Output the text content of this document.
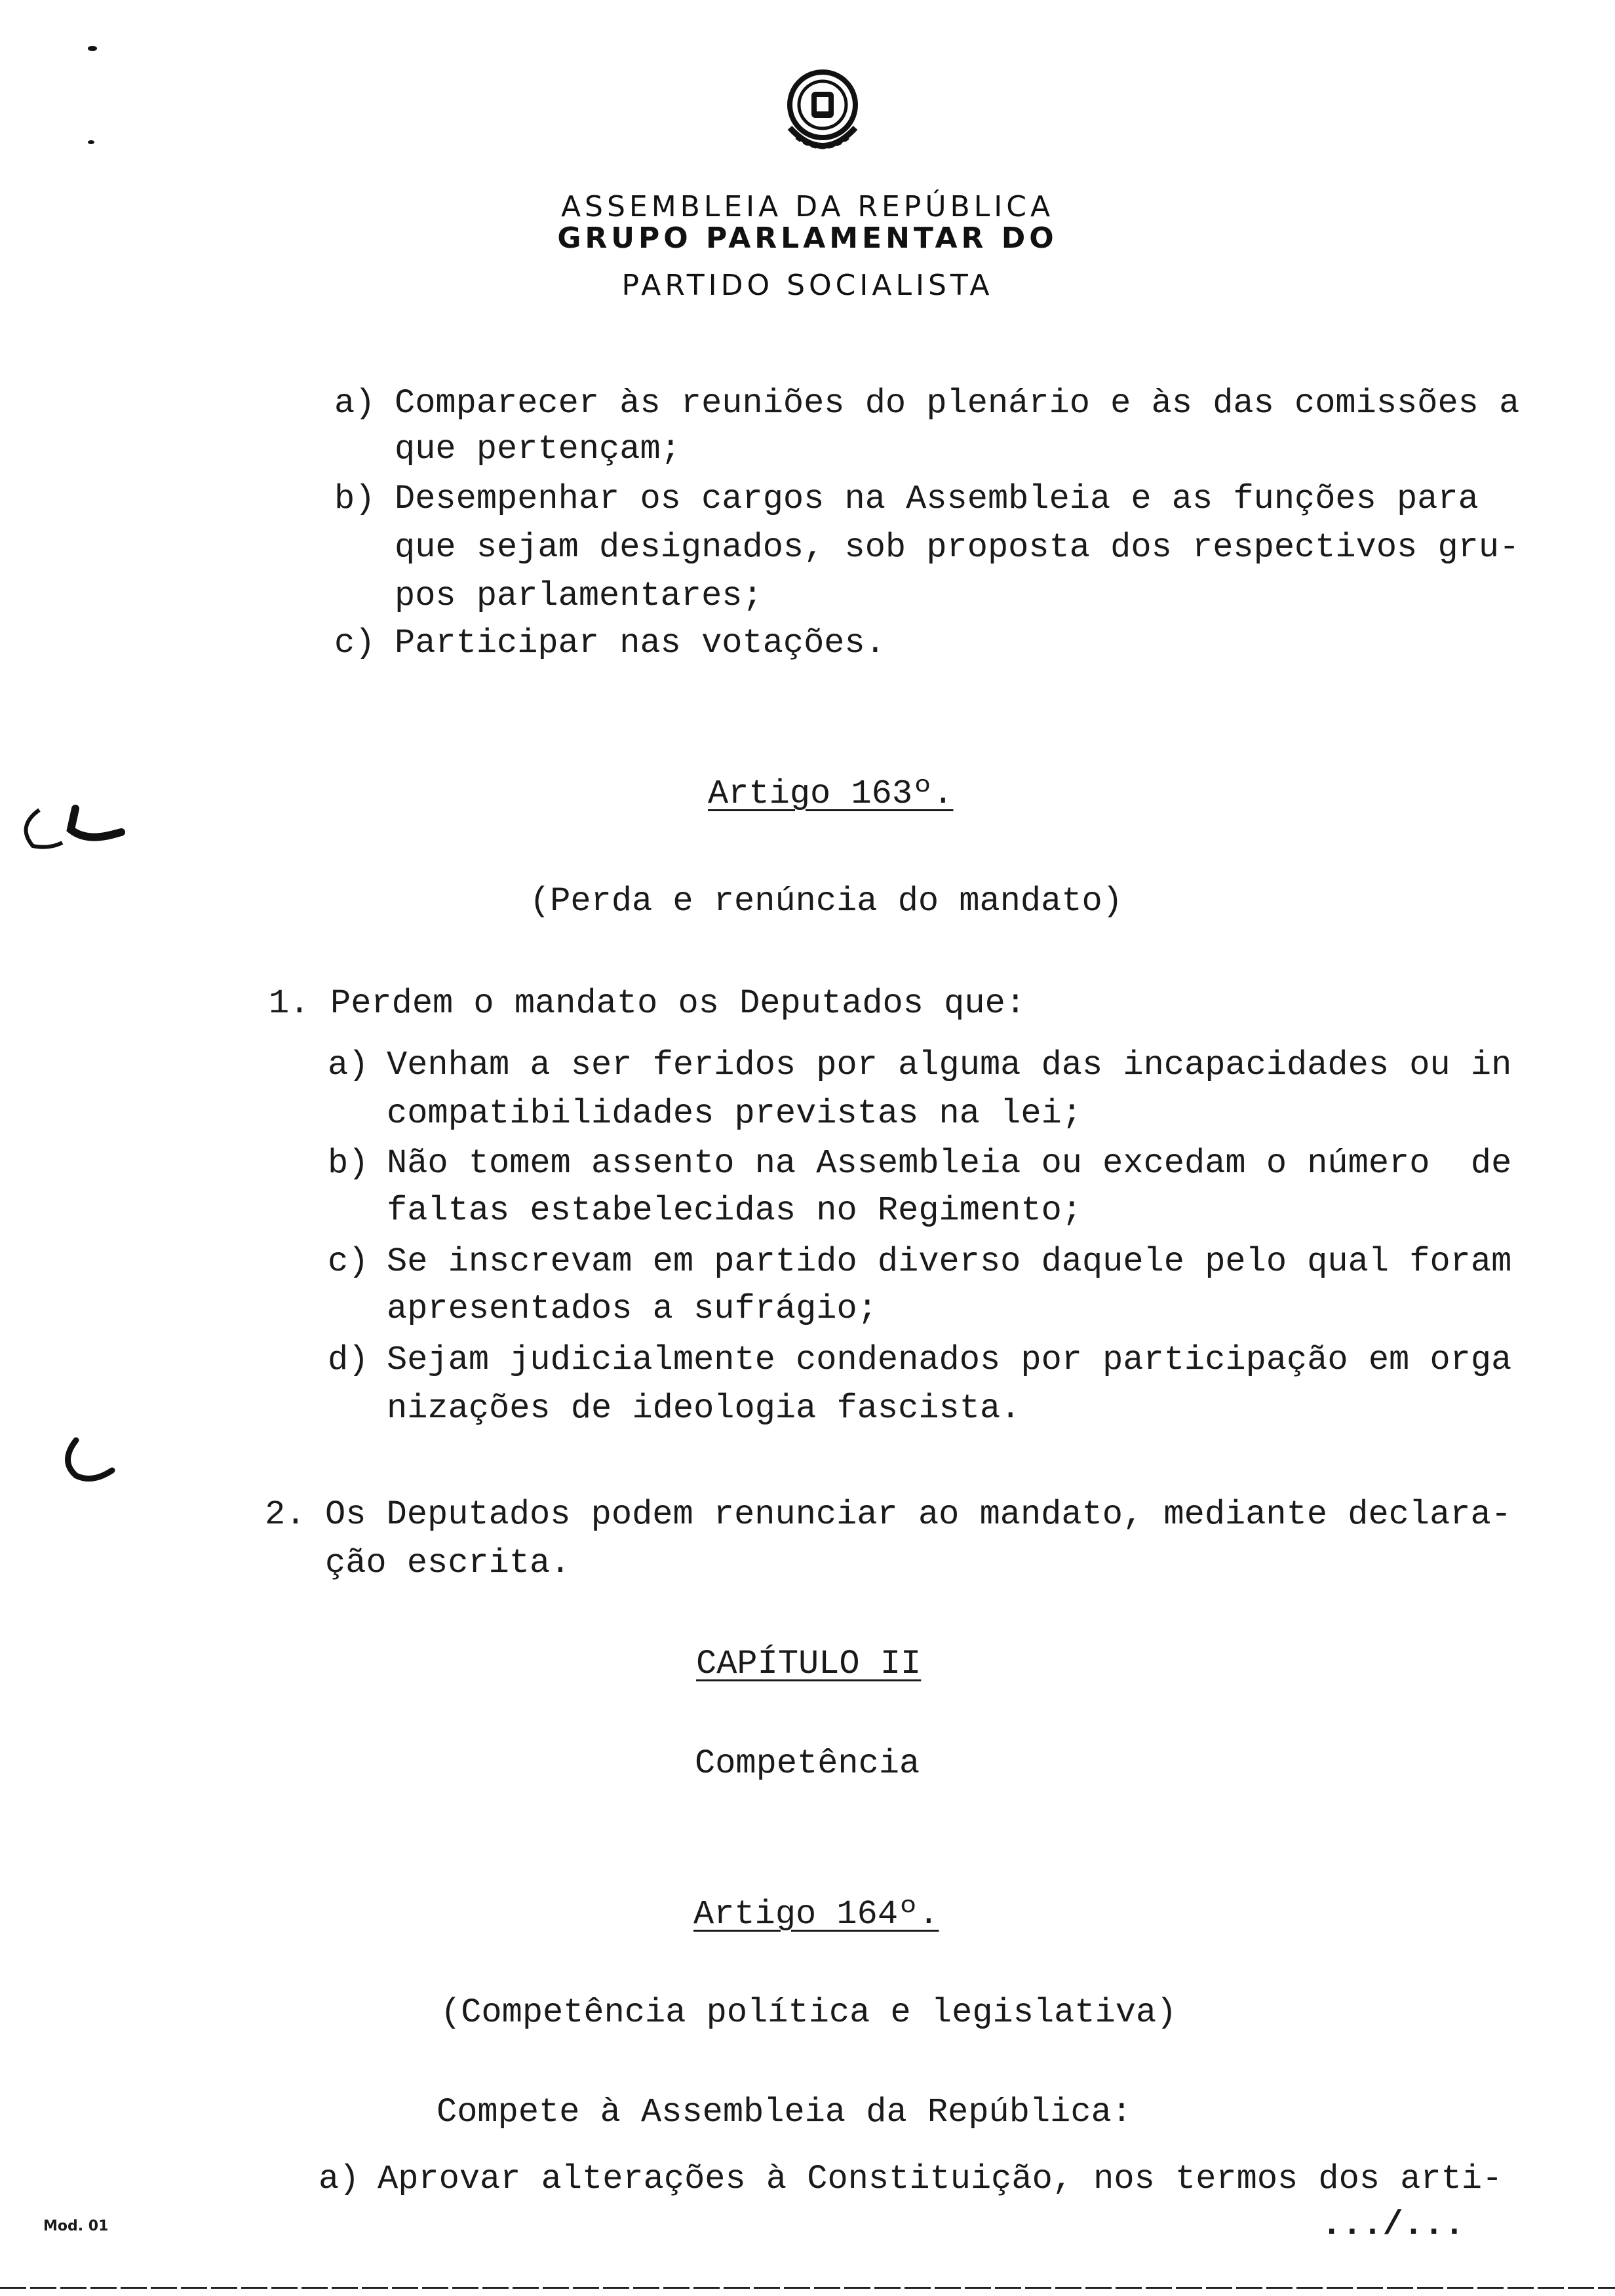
ASSEMBLEIA DA REPÚBLICA
GRUPO PARLAMENTAR DO
PARTIDO SOCIALISTA
a) Comparecer às reuniões do plenário e às das comissões a
que pertençam;
b) Desempenhar os cargos na Assembleia e as funções para
que sejam designados, sob proposta dos respectivos gru-
pos parlamentares;
c) Participar nas votações.
Artigo 163º.
(Perda e renúncia do mandato)
1. Perdem o mandato os Deputados que:
a) Venham a ser feridos por alguma das incapacidades ou in
compatibilidades previstas na lei;
b) Não tomem assento na Assembleia ou excedam o número  de
faltas estabelecidas no Regimento;
c) Se inscrevam em partido diverso daquele pelo qual foram
apresentados a sufrágio;
d) Sejam judicialmente condenados por participação em orga
nizações de ideologia fascista.
2. Os Deputados podem renunciar ao mandato, mediante declara-
ção escrita.
CAPÍTULO II
Competência
Artigo 164º.
(Competência política e legislativa)
Compete à Assembleia da República:
a) Aprovar alterações à Constituição, nos termos dos arti-
Mod. 01	.../...
